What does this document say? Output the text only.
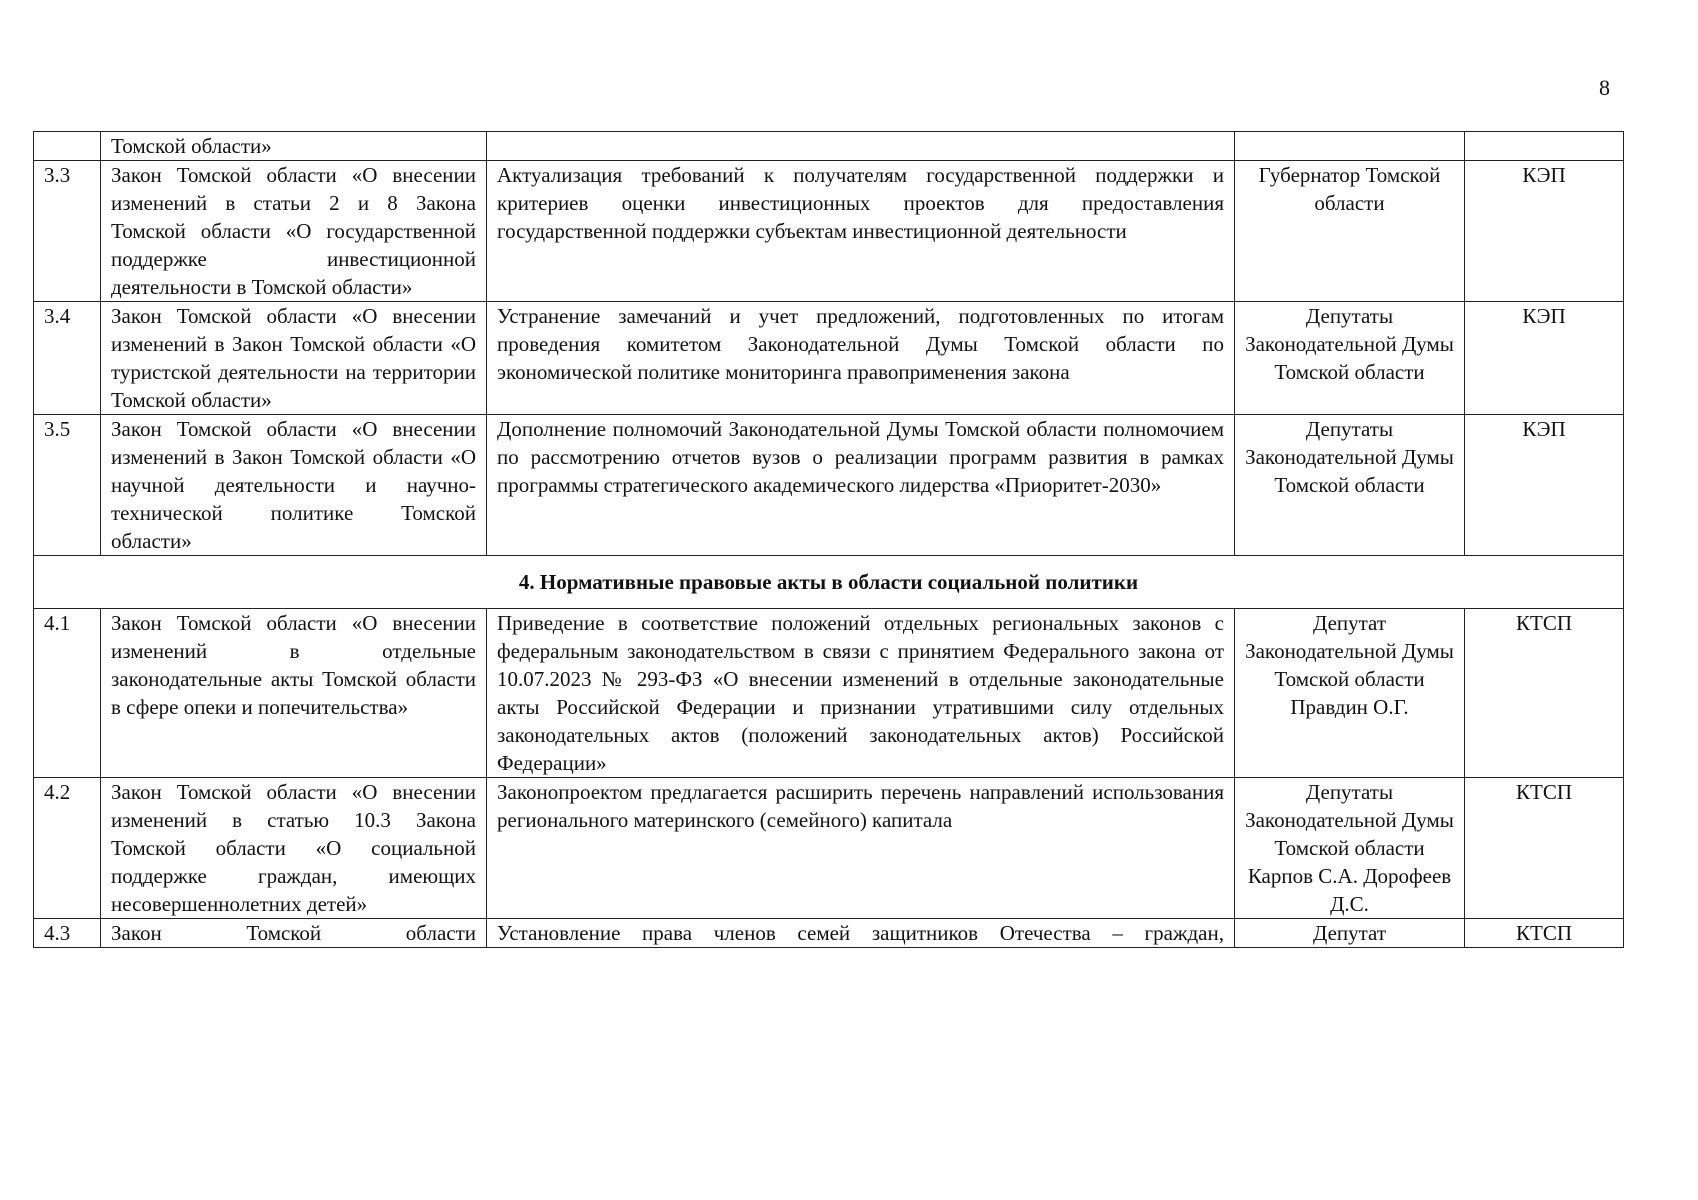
8
	Томской области»			
3.3	Закон Томской области «О внесении изменений в статьи 2 и 8 Закона Томской области «О государственной поддержке инвестиционной деятельности в Томской области»	Актуализация требований к получателям государственной поддержки и критериев оценки инвестиционных проектов для предоставления государственной поддержки субъектам инвестиционной деятельности	Губернатор Томской области	КЭП
3.4	Закон Томской области «О внесении изменений в Закон Томской области «О туристской деятельности на территории Томской области»	Устранение замечаний и учет предложений, подготовленных по итогам проведения комитетом Законодательной Думы Томской области по экономической политике мониторинга правоприменения закона	Депутаты Законодательной Думы Томской области	КЭП
3.5	Закон Томской области «О внесении изменений в Закон Томской области «О научной деятельности и научно-технической политике Томской области»	Дополнение полномочий Законодательной Думы Томской области полномочием по рассмотрению отчетов вузов о реализации программ развития в рамках программы стратегического академического лидерства «Приоритет-2030»	Депутаты Законодательной Думы Томской области	КЭП
4. Нормативные правовые акты в области социальной политики				
4.1	Закон Томской области «О внесении изменений в отдельные законодательные акты Томской области в сфере опеки и попечительства»	Приведение в соответствие положений отдельных региональных законов с федеральным законодательством в связи с принятием Федерального закона от 10.07.2023 № 293-ФЗ «О внесении изменений в отдельные законодательные акты Российской Федерации и признании утратившими силу отдельных законодательных актов (положений законодательных актов) Российской Федерации»	Депутат Законодательной Думы Томской области Правдин О.Г.	КТСП
4.2	Закон Томской области «О внесении изменений в статью 10.3 Закона Томской области «О социальной поддержке граждан, имеющих несовершеннолетних детей»	Законопроектом предлагается расширить перечень направлений использования регионального материнского (семейного) капитала	Депутаты Законодательной Думы Томской области Карпов С.А. Дорофеев Д.С.	КТСП
4.3	Закон Томской области	Установление права членов семей защитников Отечества – граждан,	Депутат	КТСП
